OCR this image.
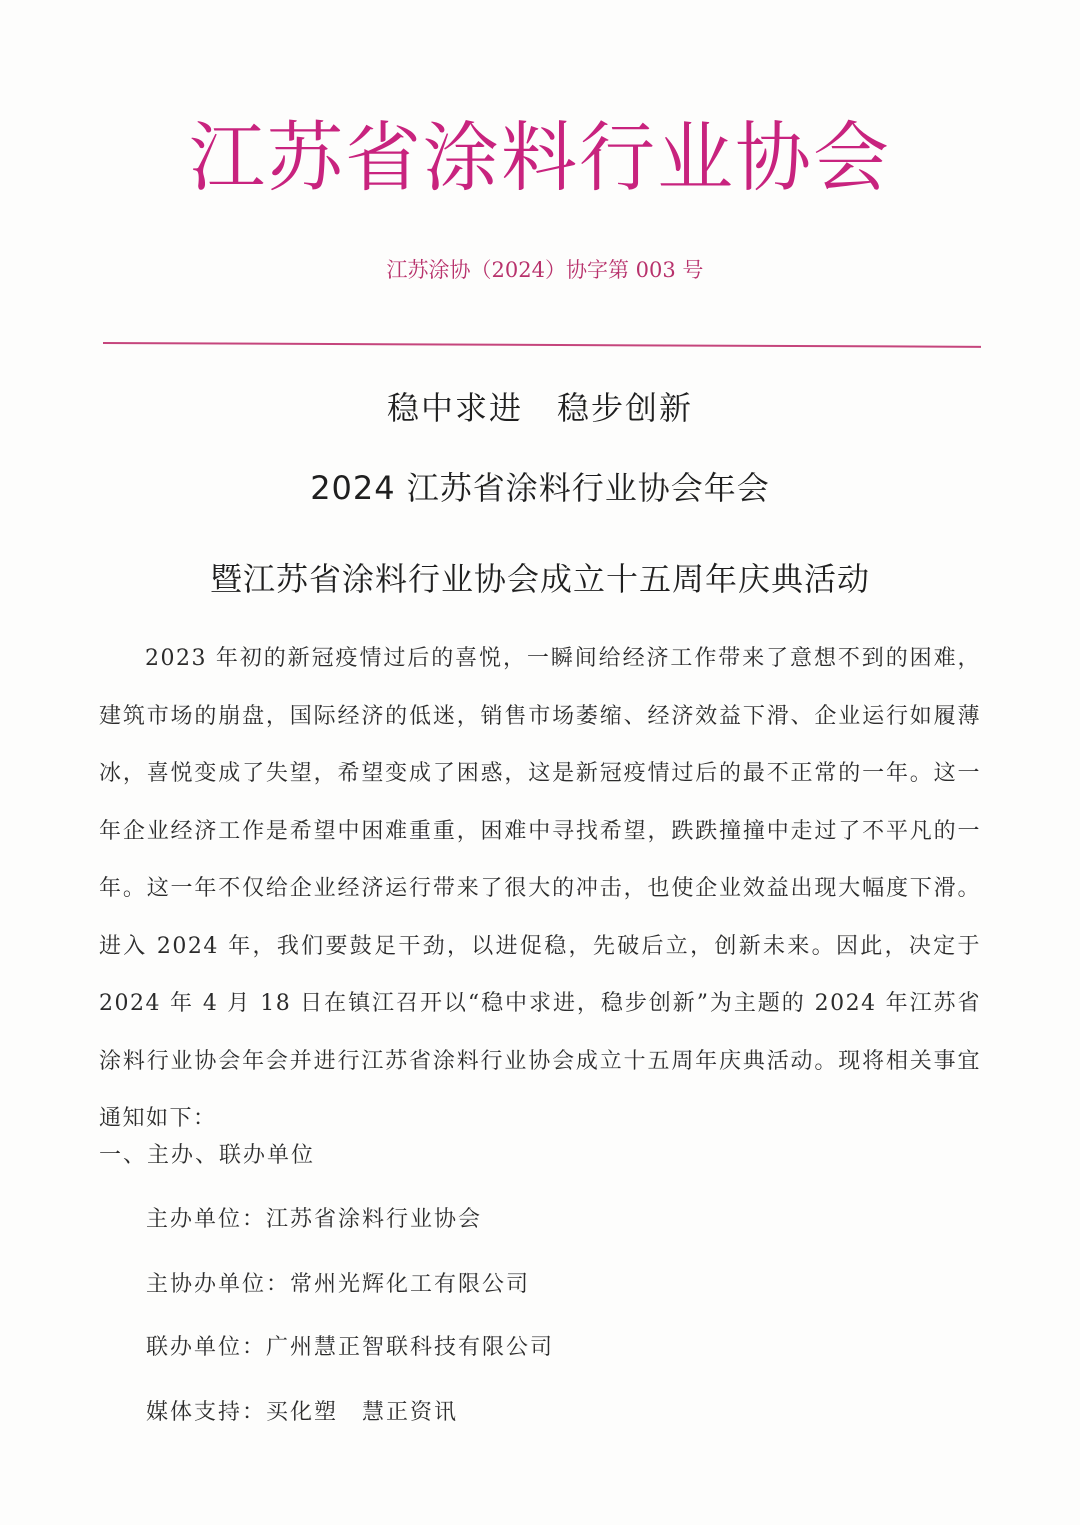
江苏省涂料行业协会
江苏涂协（2024）协字第 003 号
稳中求进　稳步创新
2024 江苏省涂料行业协会年会
暨江苏省涂料行业协会成立十五周年庆典活动
2023 年初的新冠疫情过后的喜悦，一瞬间给经济工作带来了意想不到的困难，建筑市场的崩盘，国际经济的低迷，销售市场萎缩、经济效益下滑、企业运行如履薄冰，喜悦变成了失望，希望变成了困惑，这是新冠疫情过后的最不正常的一年。这一年企业经济工作是希望中困难重重，困难中寻找希望，跌跌撞撞中走过了不平凡的一年。这一年不仅给企业经济运行带来了很大的冲击，也使企业效益出现大幅度下滑。进入 2024 年，我们要鼓足干劲，以进促稳，先破后立，创新未来。因此，决定于 2024 年 4 月 18 日在镇江召开以“稳中求进，稳步创新”为主题的 2024 年江苏省涂料行业协会年会并进行江苏省涂料行业协会成立十五周年庆典活动。现将相关事宜通知如下：
一、主办、联办单位
主办单位：江苏省涂料行业协会
主协办单位：常州光辉化工有限公司
联办单位：广州慧正智联科技有限公司
媒体支持：买化塑　慧正资讯
